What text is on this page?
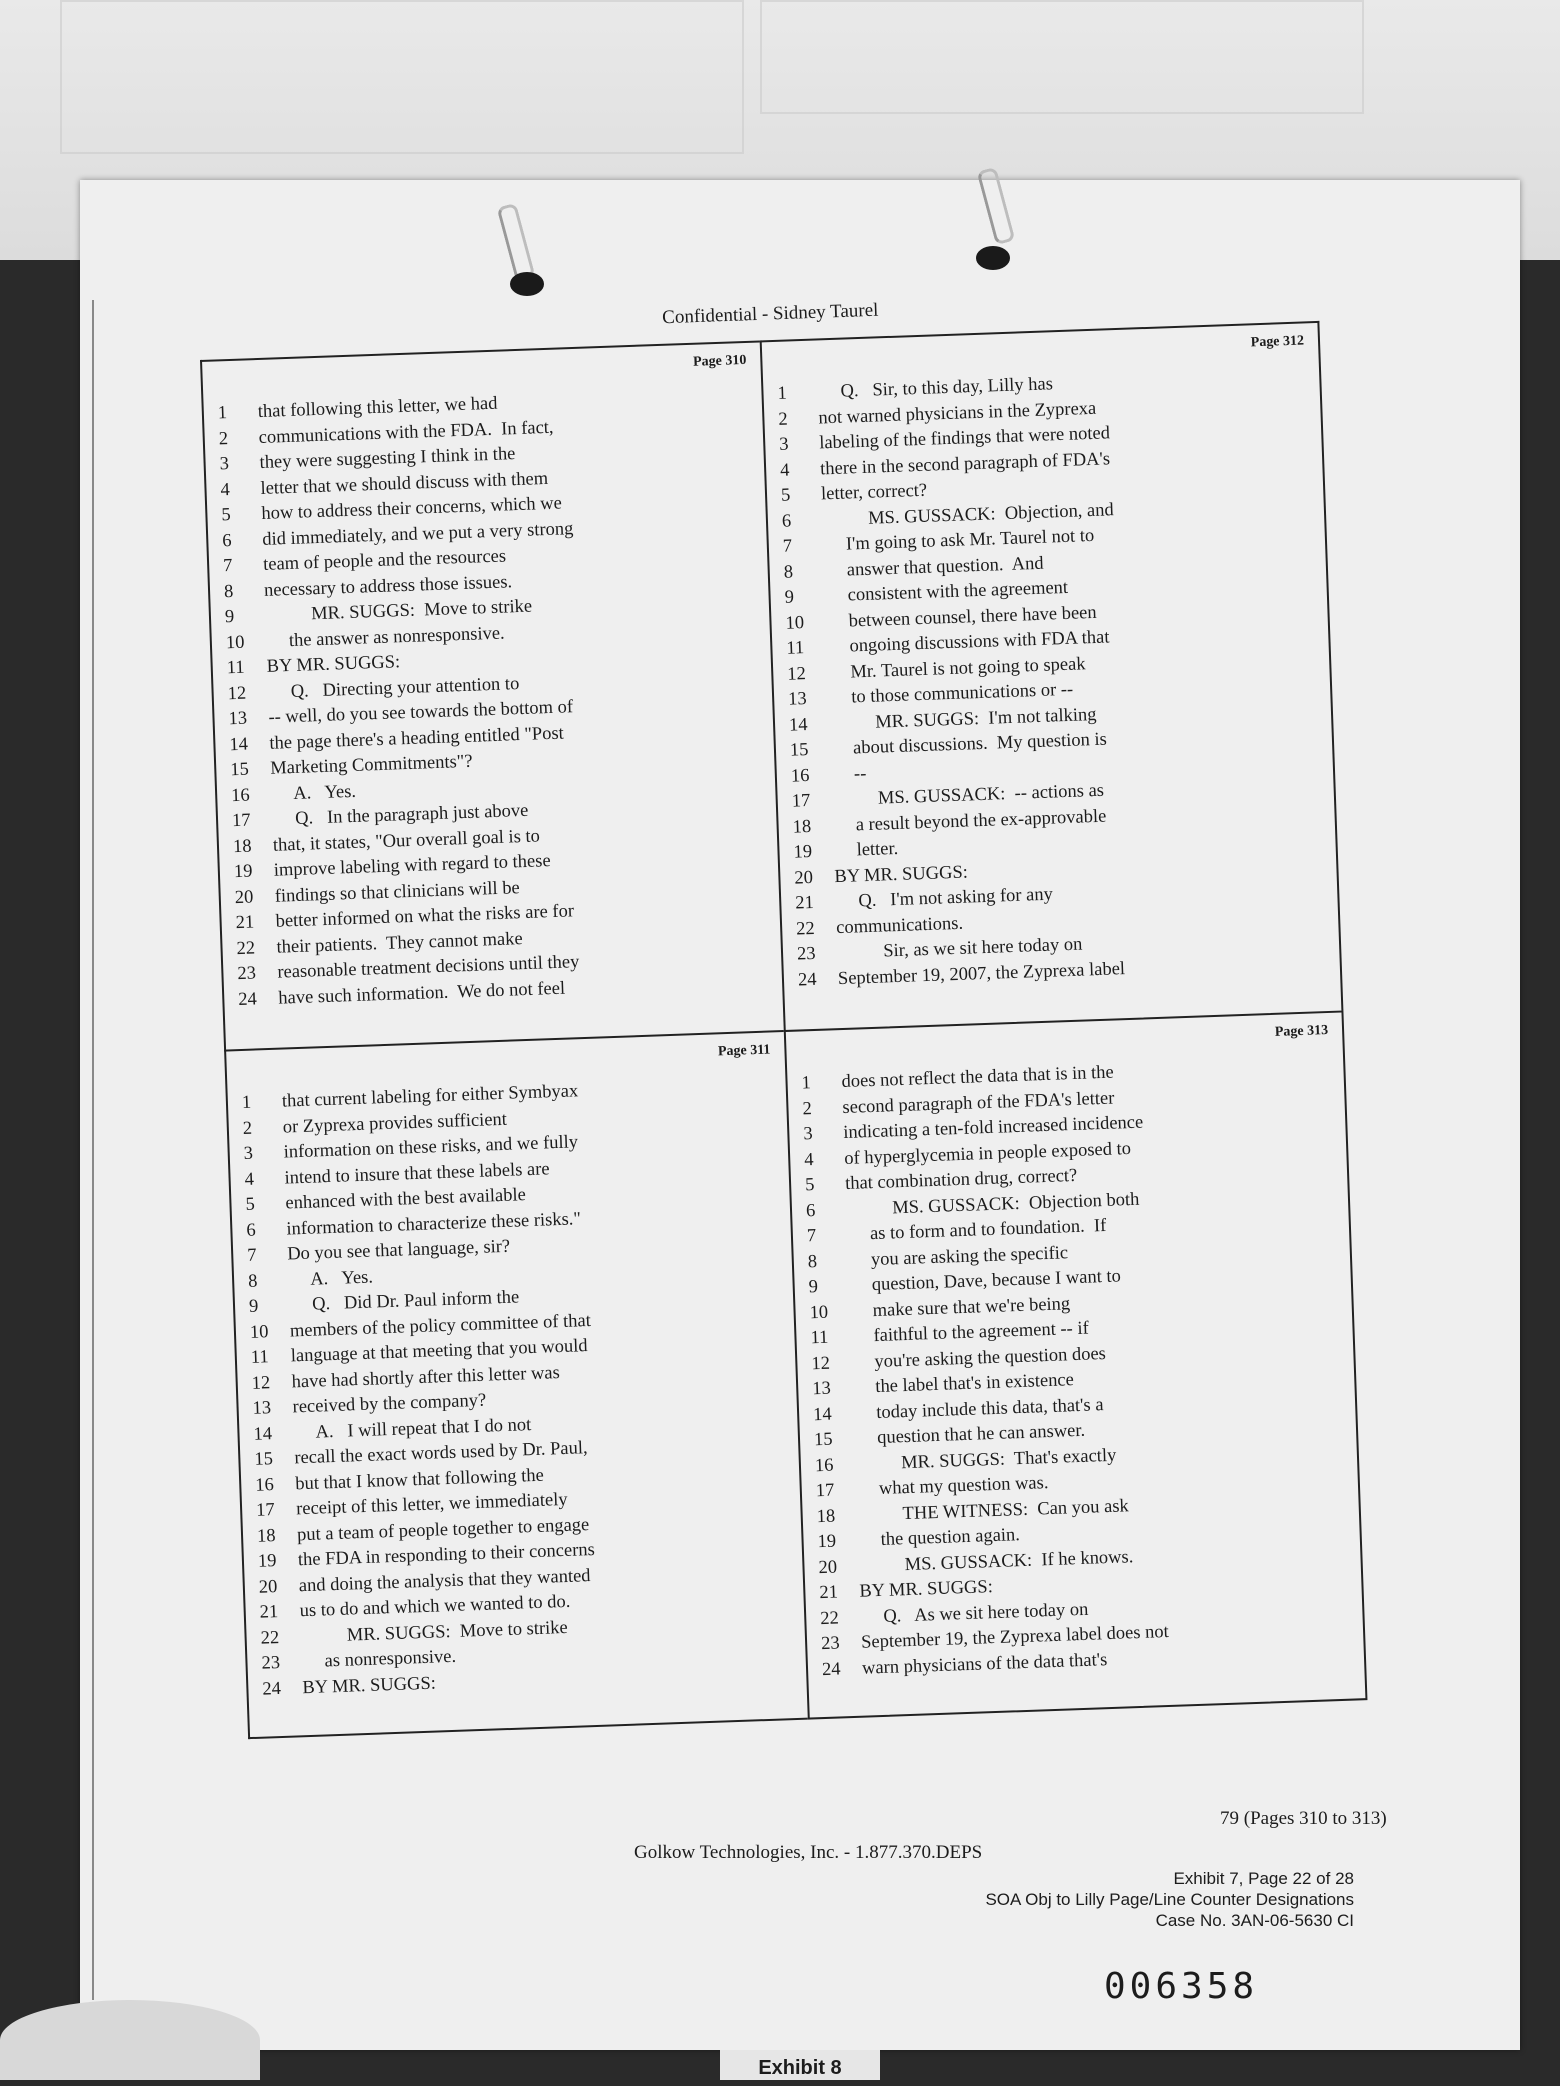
Confidential - Sidney Taurel
Page 310
1	that following this letter, we had
2	communications with the FDA.  In fact,
3	they were suggesting I think in the
4	letter that we should discuss with them
5	how to address their concerns, which we
6	did immediately, and we put a very strong
7	team of people and the resources
8	necessary to address those issues.
9	MR. SUGGS:  Move to strike
10	the answer as nonresponsive.
11	BY MR. SUGGS:
12	Q.   Directing your attention to
13	-- well, do you see towards the bottom of
14	the page there's a heading entitled "Post
15	Marketing Commitments"?
16	A.   Yes.
17	Q.   In the paragraph just above
18	that, it states, "Our overall goal is to
19	improve labeling with regard to these
20	findings so that clinicians will be
21	better informed on what the risks are for
22	their patients.  They cannot make
23	reasonable treatment decisions until they
24	have such information.  We do not feel
Page 312
1	Q.   Sir, to this day, Lilly has
2	not warned physicians in the Zyprexa
3	labeling of the findings that were noted
4	there in the second paragraph of FDA's
5	letter, correct?
6	MS. GUSSACK:  Objection, and
7	I'm going to ask Mr. Taurel not to
8	answer that question.  And
9	consistent with the agreement
10	between counsel, there have been
11	ongoing discussions with FDA that
12	Mr. Taurel is not going to speak
13	to those communications or --
14	MR. SUGGS:  I'm not talking
15	about discussions.  My question is
16	--
17	MS. GUSSACK:  -- actions as
18	a result beyond the ex-approvable
19	letter.
20	BY MR. SUGGS:
21	Q.   I'm not asking for any
22	communications.
23	Sir, as we sit here today on
24	September 19, 2007, the Zyprexa label
Page 311
1	that current labeling for either Symbyax
2	or Zyprexa provides sufficient
3	information on these risks, and we fully
4	intend to insure that these labels are
5	enhanced with the best available
6	information to characterize these risks."
7	Do you see that language, sir?
8	A.   Yes.
9	Q.   Did Dr. Paul inform the
10	members of the policy committee of that
11	language at that meeting that you would
12	have had shortly after this letter was
13	received by the company?
14	A.   I will repeat that I do not
15	recall the exact words used by Dr. Paul,
16	but that I know that following the
17	receipt of this letter, we immediately
18	put a team of people together to engage
19	the FDA in responding to their concerns
20	and doing the analysis that they wanted
21	us to do and which we wanted to do.
22	MR. SUGGS:  Move to strike
23	as nonresponsive.
24	BY MR. SUGGS:
Page 313
1	does not reflect the data that is in the
2	second paragraph of the FDA's letter
3	indicating a ten-fold increased incidence
4	of hyperglycemia in people exposed to
5	that combination drug, correct?
6	MS. GUSSACK:  Objection both
7	as to form and to foundation.  If
8	you are asking the specific
9	question, Dave, because I want to
10	make sure that we're being
11	faithful to the agreement -- if
12	you're asking the question does
13	the label that's in existence
14	today include this data, that's a
15	question that he can answer.
16	MR. SUGGS:  That's exactly
17	what my question was.
18	THE WITNESS:  Can you ask
19	the question again.
20	MS. GUSSACK:  If he knows.
21	BY MR. SUGGS:
22	Q.   As we sit here today on
23	September 19, the Zyprexa label does not
24	warn physicians of the data that's
79 (Pages 310 to 313)
Golkow Technologies, Inc. - 1.877.370.DEPS
Exhibit 7, Page 22 of 28
SOA Obj to Lilly Page/Line Counter Designations
Case No. 3AN-06-5630 CI
006358
Exhibit 8
